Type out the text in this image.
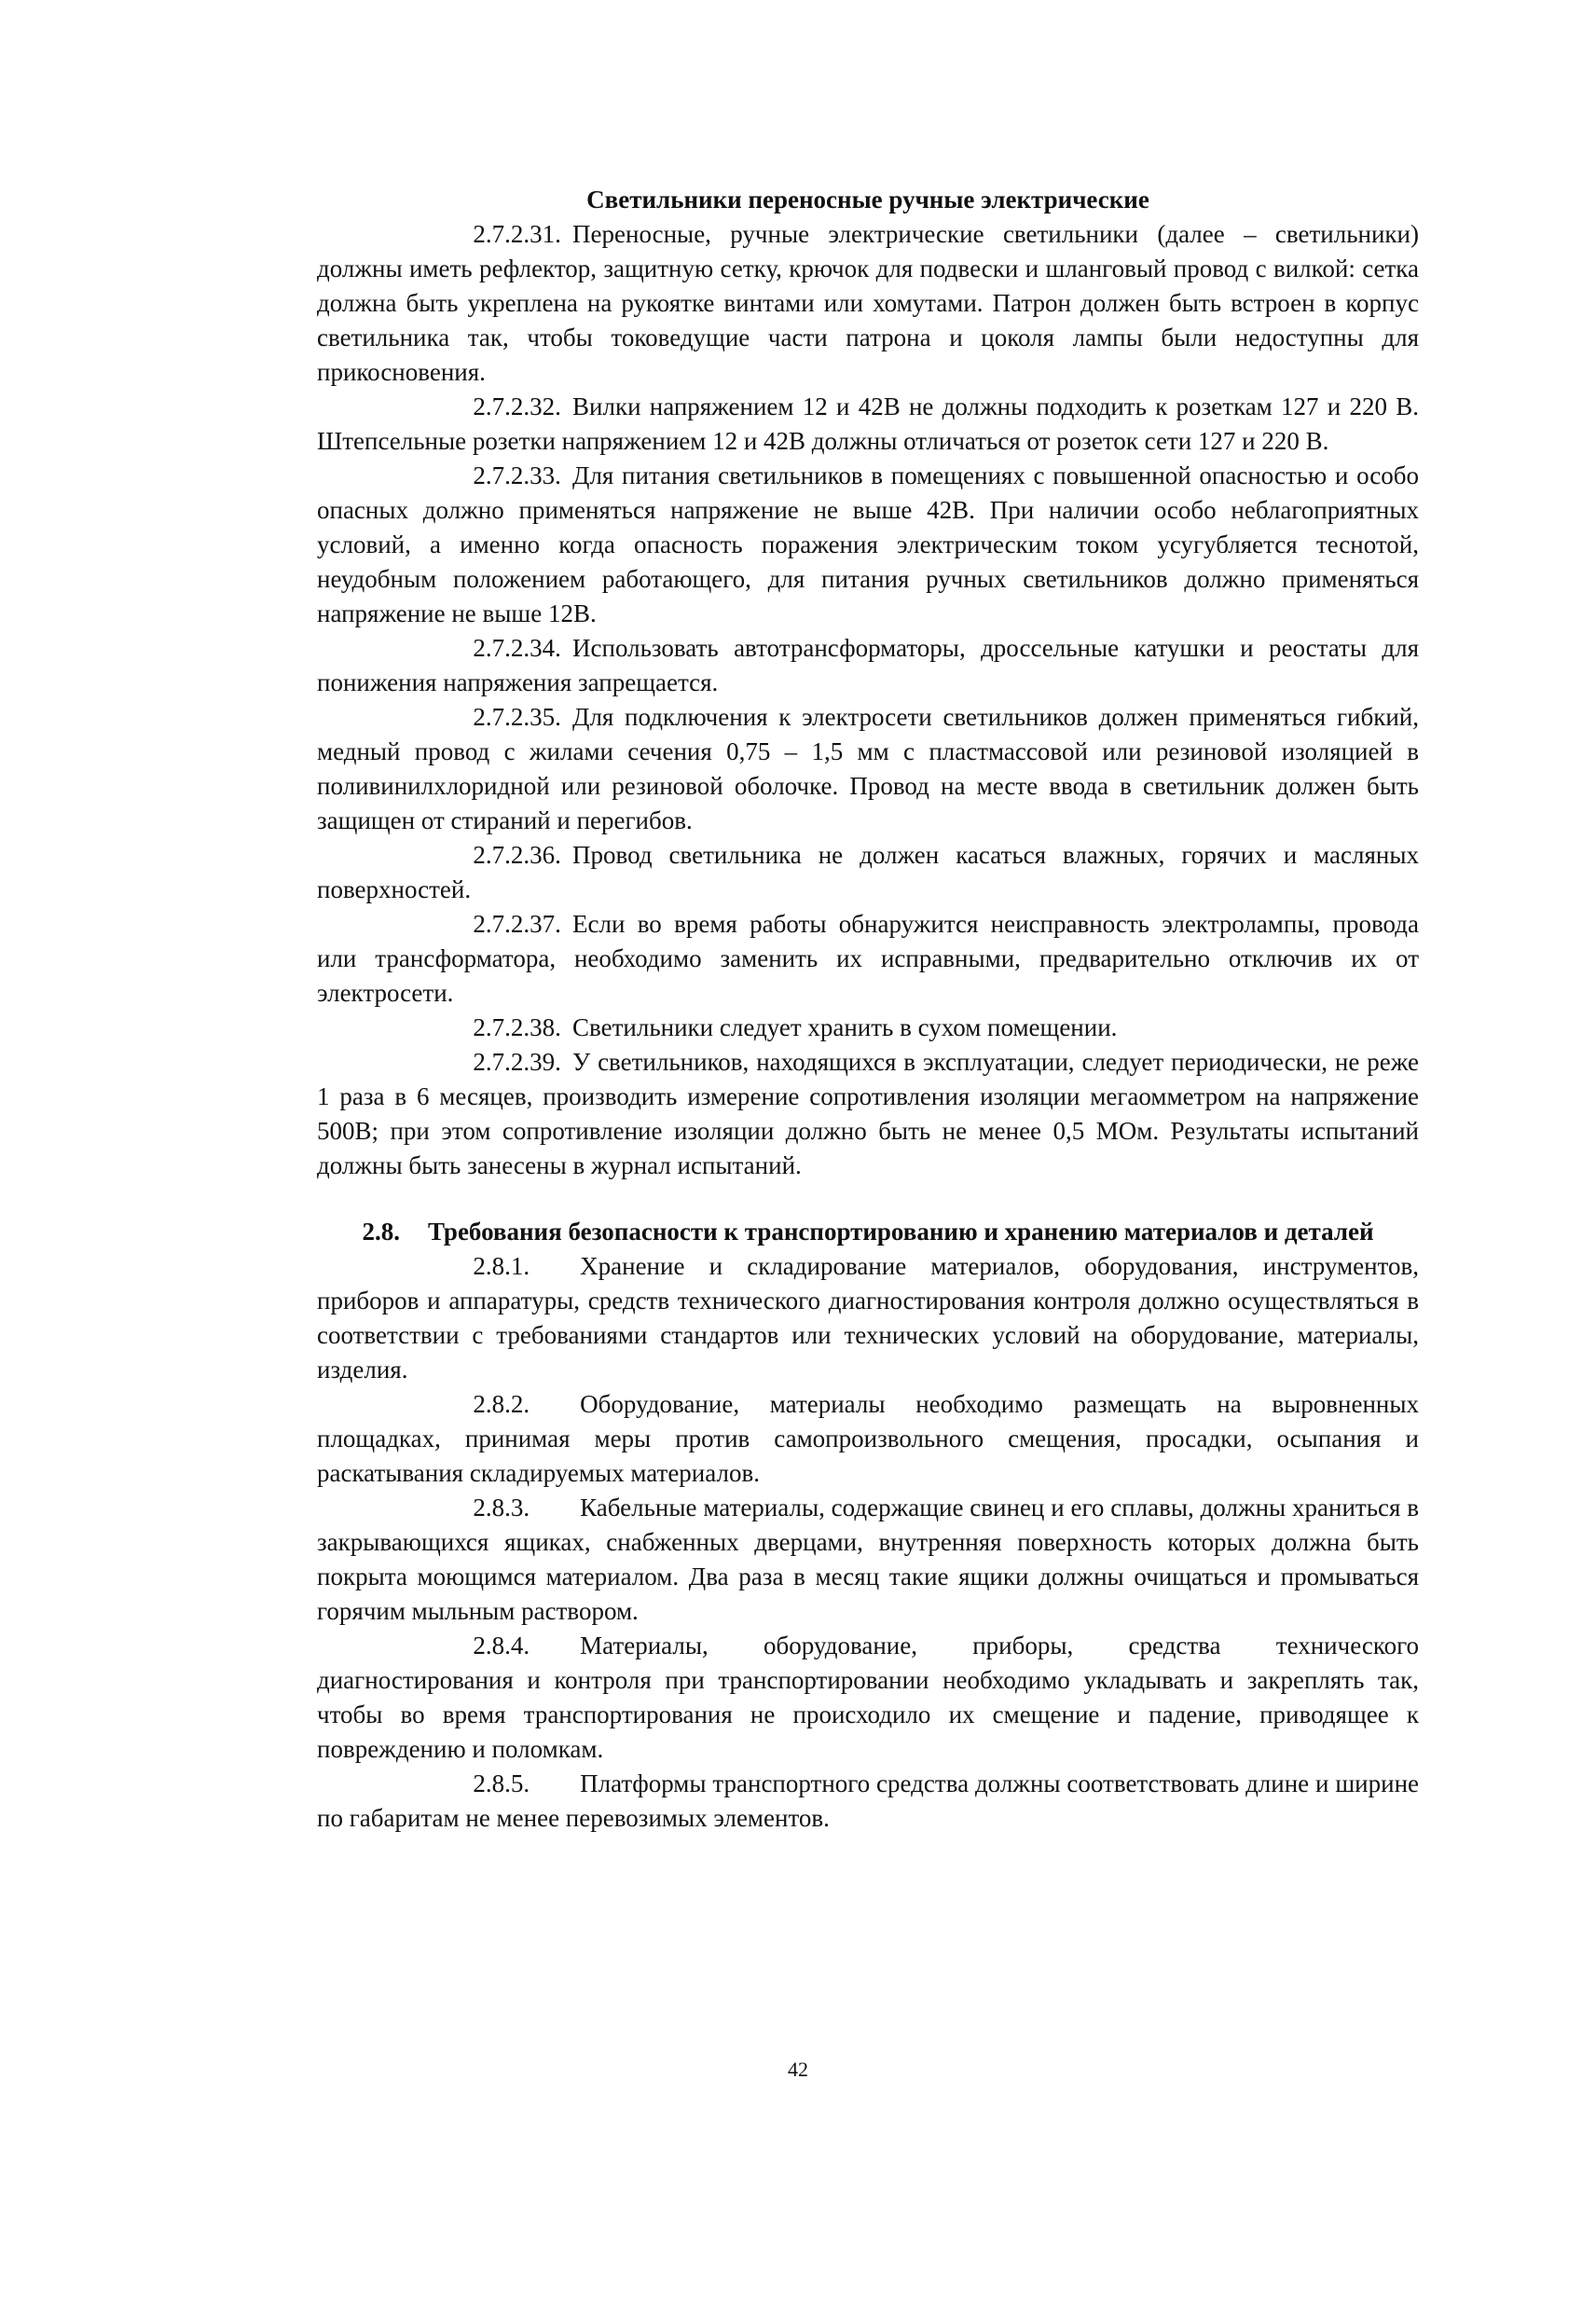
Светильники переносные ручные электрические

2.7.2.31. Переносные, ручные электрические светильники (далее – светильники) должны иметь рефлектор, защитную сетку, крючок для подвески и шланговый провод с вилкой: сетка должна быть укреплена на рукоятке винтами или хомутами. Патрон должен быть встроен в корпус светильника так, чтобы токоведущие части патрона и цоколя лампы были недоступны для прикосновения.

2.7.2.32. Вилки напряжением 12 и 42В не должны подходить к розеткам 127 и 220 В. Штепсельные розетки напряжением 12 и 42В должны отличаться от розеток сети 127 и 220 В.

2.7.2.33. Для питания светильников в помещениях с повышенной опасностью и особо опасных должно применяться напряжение не выше 42В. При наличии особо неблагоприятных условий, а именно когда опасность поражения электрическим током усугубляется теснотой, неудобным положением работающего, для питания ручных светильников должно применяться напряжение не выше 12В.

2.7.2.34. Использовать автотрансформаторы, дроссельные катушки и реостаты для понижения напряжения запрещается.

2.7.2.35. Для подключения к электросети светильников должен применяться гибкий, медный провод с жилами сечения 0,75 – 1,5 мм с пластмассовой или резиновой изоляцией в поливинилхлоридной или резиновой оболочке. Провод на месте ввода в светильник должен быть защищен от стираний и перегибов.

2.7.2.36. Провод светильника не должен касаться влажных, горячих и масляных поверхностей.

2.7.2.37. Если во время работы обнаружится неисправность электролампы, провода или трансформатора, необходимо заменить их исправными, предварительно отключив их от электросети.

2.7.2.38. Светильники следует хранить в сухом помещении.

2.7.2.39. У светильников, находящихся в эксплуатации, следует периодически, не реже 1 раза в 6 месяцев, производить измерение сопротивления изоляции мегаомметром на напряжение 500В; при этом сопротивление изоляции должно быть не менее 0,5 МОм. Результаты испытаний должны быть занесены в журнал испытаний.

2.8. Требования безопасности к транспортированию и хранению материалов и деталей

2.8.1. Хранение и складирование материалов, оборудования, инструментов, приборов и аппаратуры, средств технического диагностирования контроля должно осуществляться в соответствии с требованиями стандартов или технических условий на оборудование, материалы, изделия.

2.8.2. Оборудование, материалы необходимо размещать на выровненных площадках, принимая меры против самопроизвольного смещения, просадки, осыпания и раскатывания складируемых материалов.

2.8.3. Кабельные материалы, содержащие свинец и его сплавы, должны храниться в закрывающихся ящиках, снабженных дверцами, внутренняя поверхность которых должна быть покрыта моющимся материалом. Два раза в месяц такие ящики должны очищаться и промываться горячим мыльным раствором.

2.8.4. Материалы, оборудование, приборы, средства технического диагностирования и контроля при транспортировании необходимо укладывать и закреплять так, чтобы во время транспортирования не происходило их смещение и падение, приводящее к повреждению и поломкам.

2.8.5. Платформы транспортного средства должны соответствовать длине и ширине по габаритам не менее перевозимых элементов.

42
